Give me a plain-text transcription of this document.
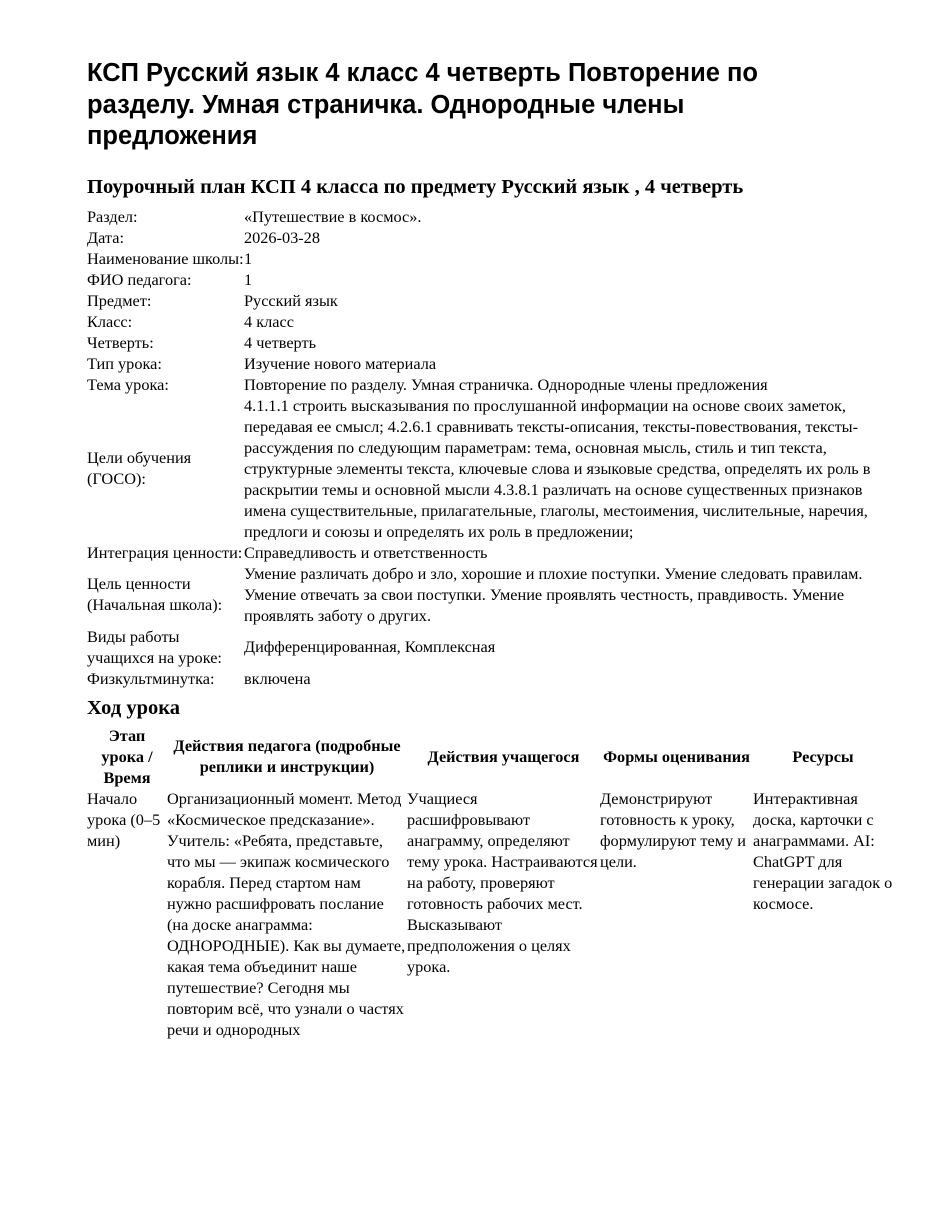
КСП Русский язык 4 класс 4 четверть Повторение по разделу. Умная страничка. Однородные члены предложения
Поурочный план КСП 4 класса по предмету Русский язык , 4 четверть
Раздел:	«Путешествие в космос».
Дата:	2026-03-28
Наименование школы:	1
ФИО педагога:	1
Предмет:	Русский язык
Класс:	4 класс
Четверть:	4 четверть
Тип урока:	Изучение нового материала
Тема урока:	Повторение по разделу. Умная страничка. Однородные члены предложения
Цели обучения (ГОСО):	4.1.1.1 строить высказывания по прослушанной информации на основе своих заметок, передавая ее смысл; 4.2.6.1 сравнивать тексты-описания, тексты-повествования, тексты-рассуждения по следующим параметрам: тема, основная мысль, стиль и тип текста, структурные элементы текста, ключевые слова и языковые средства, определять их роль в раскрытии темы и основной мысли 4.3.8.1 различать на основе существенных признаков имена существительные, прилагательные, глаголы, местоимения, числительные, наречия, предлоги и союзы и определять их роль в предложении;
Интеграция ценности:	Справедливость и ответственность
Цель ценности (Начальная школа):	Умение различать добро и зло, хорошие и плохие поступки. Умение следовать правилам. Умение отвечать за свои поступки. Умение проявлять честность, правдивость. Умение проявлять заботу о других.
Виды работы учащихся на уроке:	Дифференцированная, Комплексная
Физкультминутка:	включена
Ход урока
Этап урока / Время	Действия педагога (подробные реплики и инструкции)	Действия учащегося	Формы оценивания	Ресурсы
Начало урока (0–5 мин)	Организационный момент. Метод «Космическое предсказание». Учитель: «Ребята, представьте, что мы — экипаж космического корабля. Перед стартом нам нужно расшифровать послание (на доске анаграмма: ОДНОРОДНЫЕ). Как вы думаете, какая тема объединит наше путешествие? Сегодня мы повторим всё, что узнали о частях речи и однородных	Учащиеся расшифровывают анаграмму, определяют тему урока. Настраиваются на работу, проверяют готовность рабочих мест. Высказывают предположения о целях урока.	Демонстрируют готовность к уроку, формулируют тему и цели.	Интерактивная доска, карточки с анаграммами. AI: ChatGPT для генерации загадок о космосе.
